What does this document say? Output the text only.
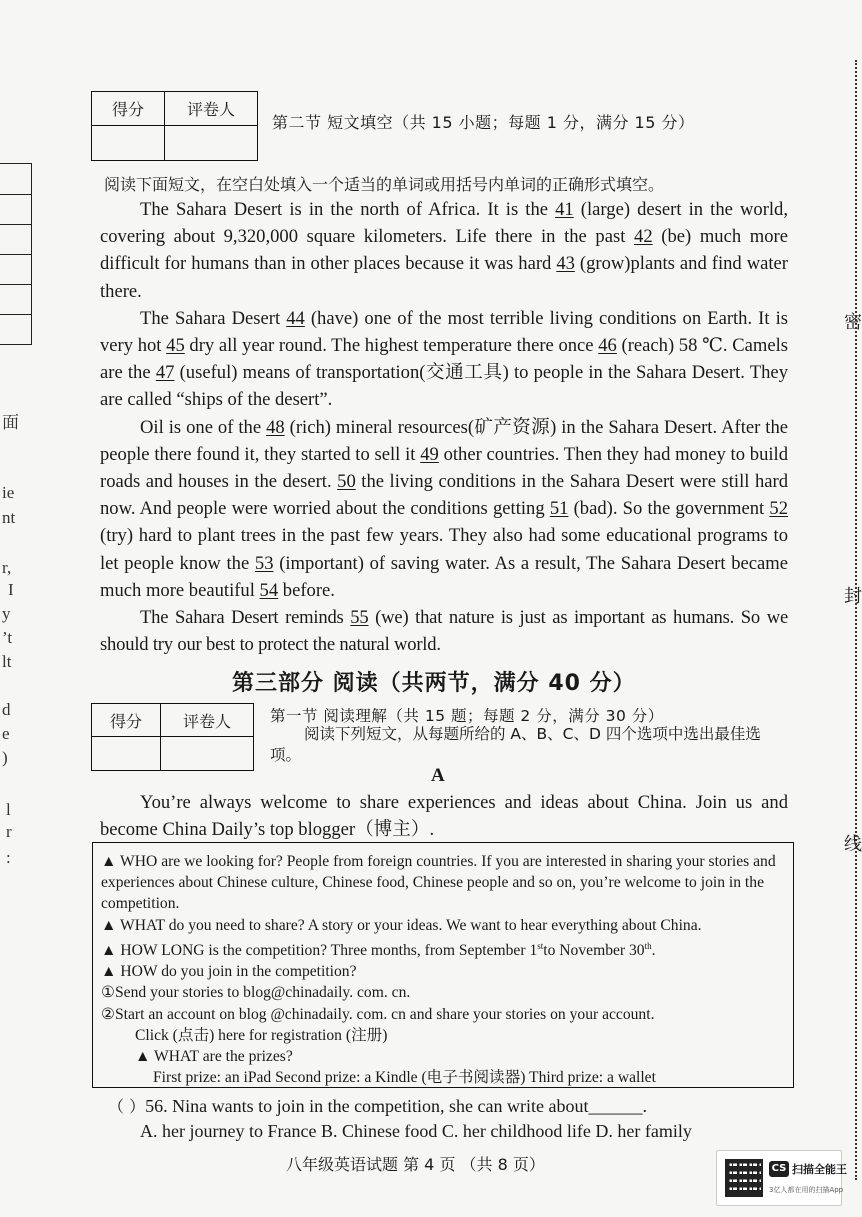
面
ie
nt
r,
I
y
’t
lt
d
e
)
l
r
:
密
封
线
得分	评卷人

第二节 短文填空（共 15 小题；每题 1 分，满分 15 分）
阅读下面短文，在空白处填入一个适当的单词或用括号内单词的正确形式填空。

The Sahara Desert is in the north of Africa. It is the 41 (large) desert in the world, covering about 9,320,000 square kilometers. Life there in the past 42 (be) much more difficult for humans than in other places because it was hard 43 (grow)plants and find water there.

The Sahara Desert 44 (have) one of the most terrible living conditions on Earth. It is very hot 45 dry all year round. The highest temperature there once 46 (reach) 58 ℃. Camels are the 47 (useful) means of transportation(交通工具) to people in the Sahara Desert. They are called “ships of the desert”.

Oil is one of the 48 (rich) mineral resources(矿产资源) in the Sahara Desert. After the people there found it, they started to sell it 49 other countries. Then they had money to build roads and houses in the desert. 50 the living conditions in the Sahara Desert were still hard now. And people were worried about the conditions getting 51 (bad). So the government 52 (try) hard to plant trees in the past few years. They also had some educational programs to let people know the 53 (important) of saving water. As a result, The Sahara Desert became much more beautiful 54 before.

The Sahara Desert reminds 55 (we) that nature is just as important as humans. So we should try our best to protect the natural world.

第三部分 阅读（共两节，满分 40 分）
得分	评卷人
		第一节 阅读理解（共 15 题；每题 2 分，满分 30 分）
阅读下列短文，从每题所给的 A、B、C、D 四个选项中选出最佳选项。
A
You’re always welcome to share experiences and ideas about China. Join us and become China Daily’s top blogger（博主）.

▲ WHO are we looking for? People from foreign countries. If you are interested in sharing your stories and experiences about Chinese culture, Chinese food, Chinese people and so on, you’re welcome to join in the competition.

▲ WHAT do you need to share? A story or your ideas. We want to hear everything about China.

▲ HOW LONG is the competition? Three months, from September 1stto November 30th.

▲ HOW do you join in the competition?

①Send your stories to blog@chinadaily. com. cn.

②Start an account on blog @chinadaily. com. cn and share your stories on your account.

Click (点击) here for registration (注册)

▲ WHAT are the prizes?

First prize: an iPad Second prize: a Kindle (电子书阅读器) Third prize: a wallet

（ ）56. Nina wants to join in the competition, she can write about______.
A. her journey to France B. Chinese food C. her childhood life D. her family
八年级英语试题 第 4 页 （共 8 页）	CS 扫描全能王
3亿人都在用的扫描App
